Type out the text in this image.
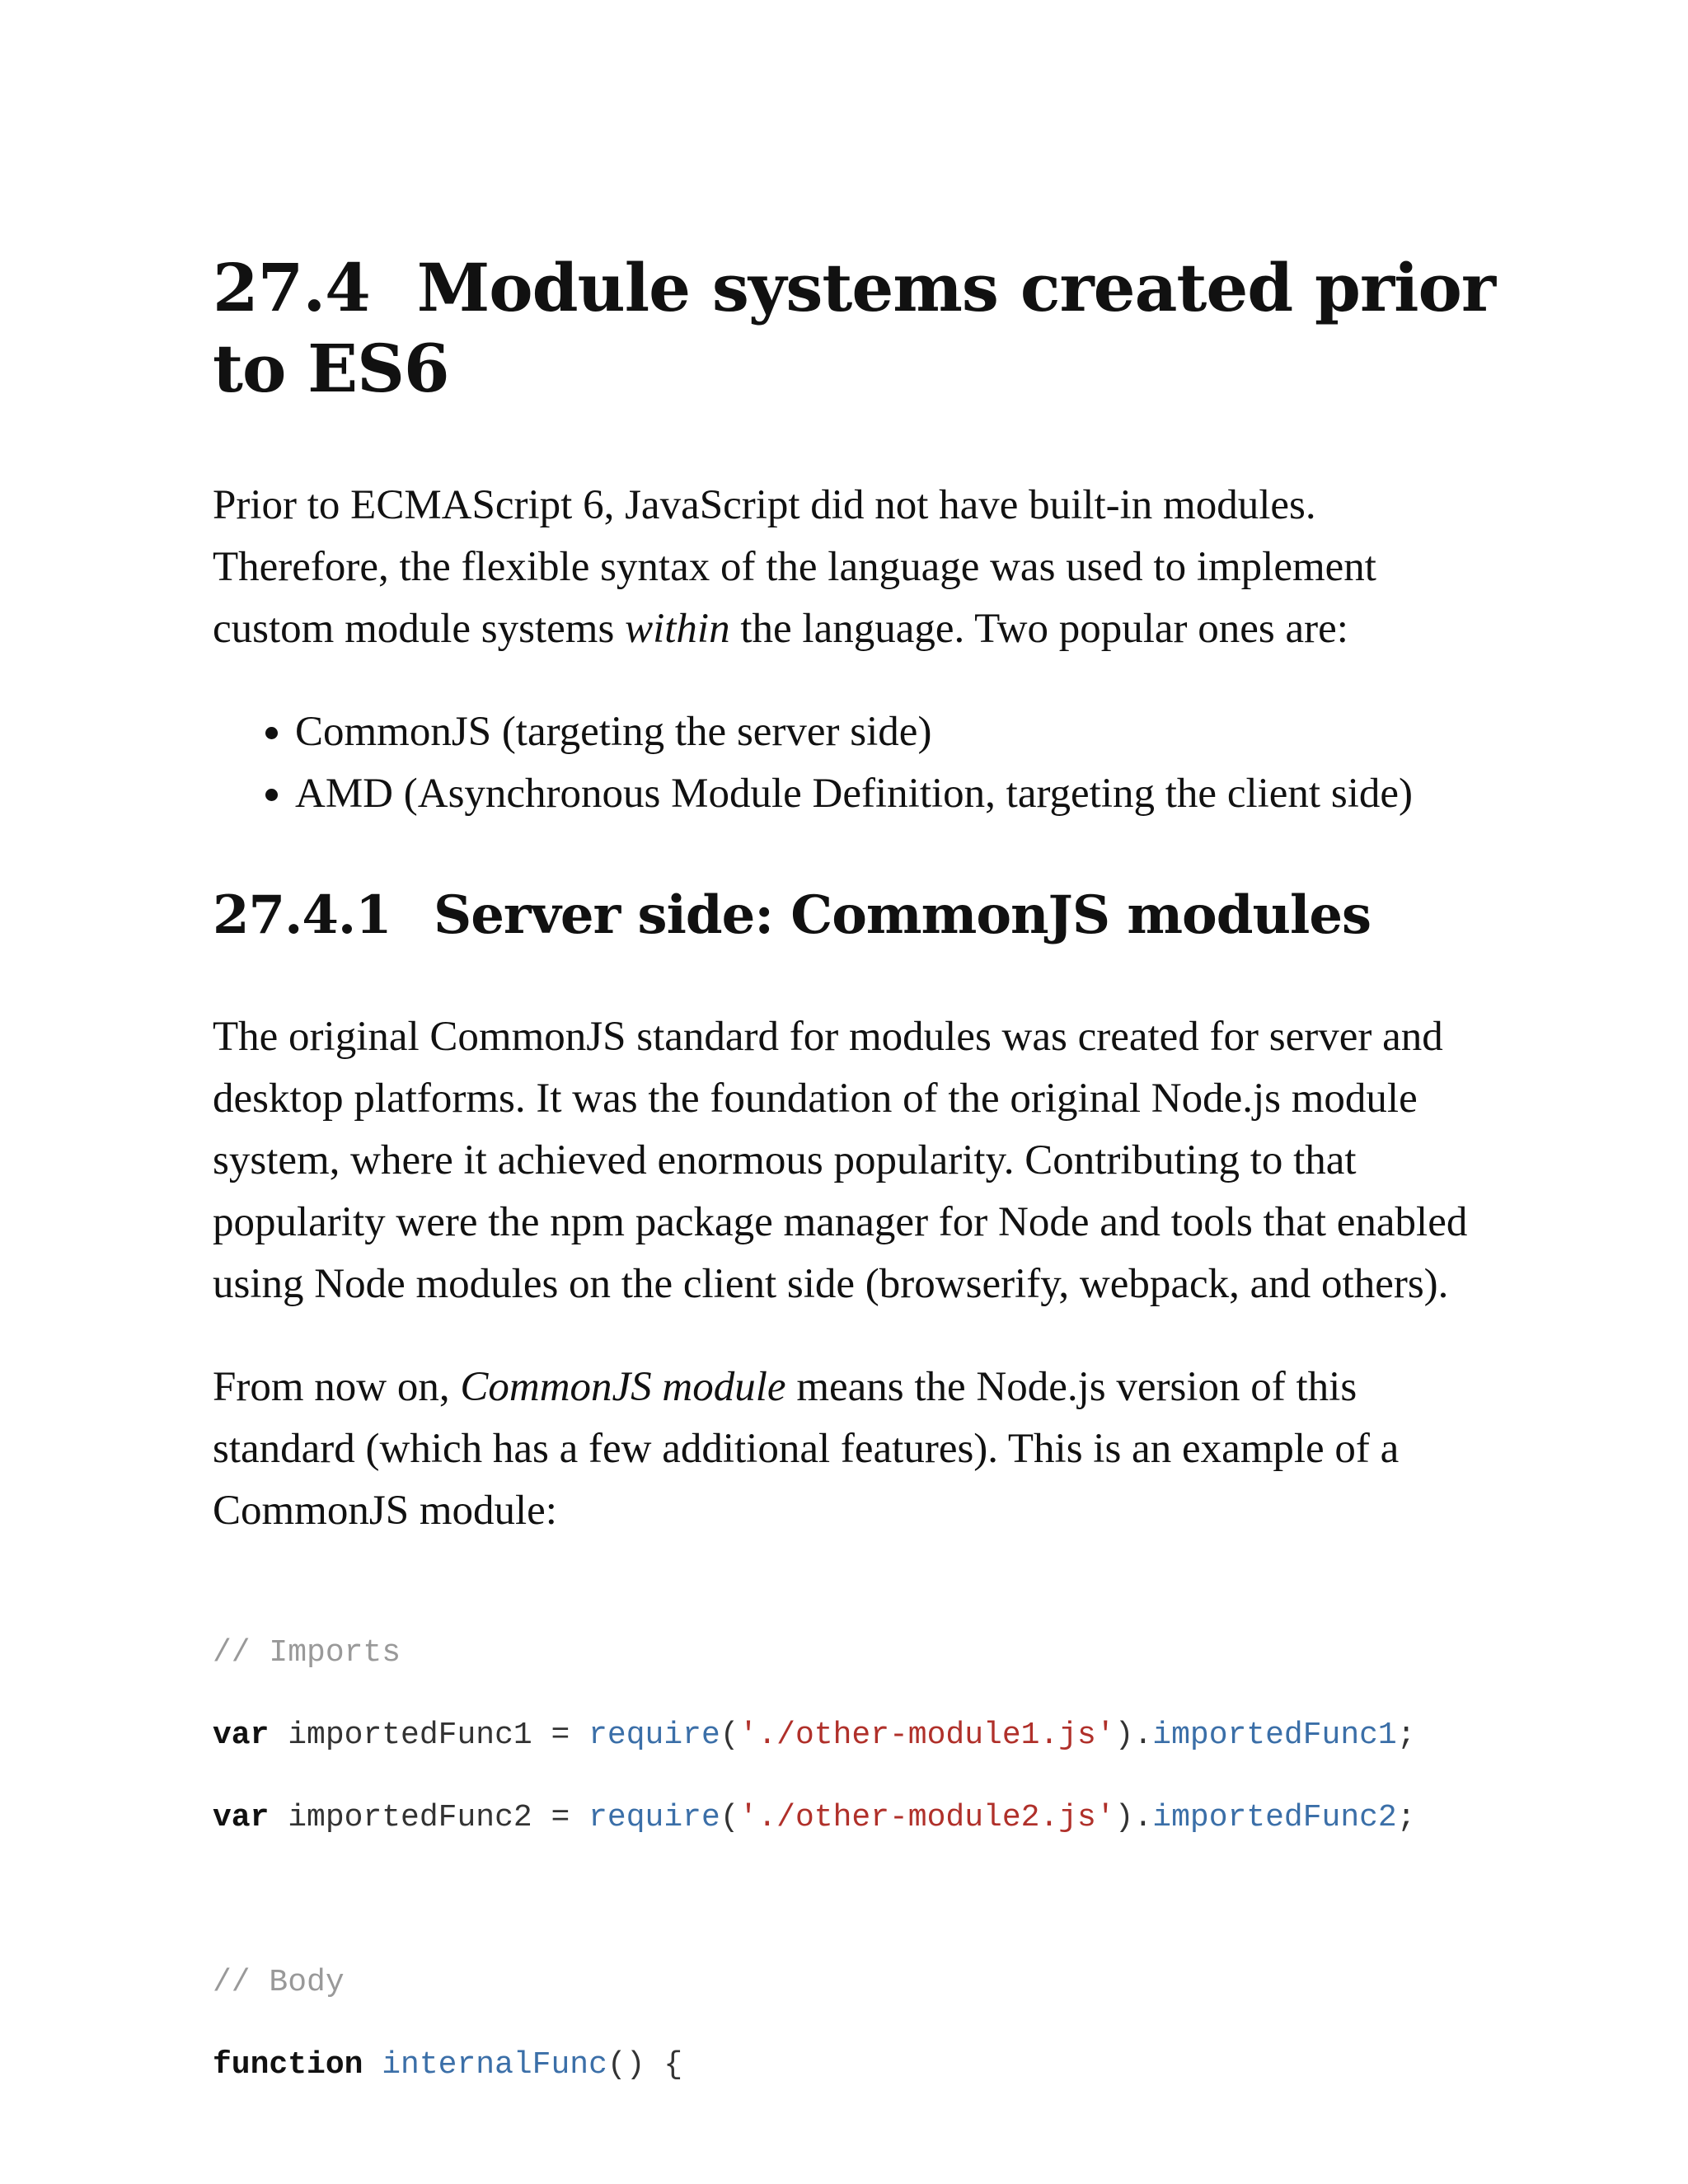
27.4 Module systems created prior
to ES6

Prior to ECMAScript 6, JavaScript did not have built-in modules. Therefore, the flexible syntax of the language was used to implement custom module systems within the language. Two popular ones are:

• CommonJS (targeting the server side)
• AMD (Asynchronous Module Definition, targeting the client side)
27.4.1 Server side: CommonJS modules

The original CommonJS standard for modules was created for server and desktop platforms. It was the foundation of the original Node.js module system, where it achieved enormous popularity. Contributing to that popularity were the npm package manager for Node and tools that enabled using Node modules on the client side (browserify, webpack, and others).

From now on, CommonJS module means the Node.js version of this standard (which has a few additional features). This is an example of a CommonJS module:

// Imports

var importedFunc1 = require('./other-module1.js').importedFunc1;

var importedFunc2 = require('./other-module2.js').importedFunc2;

// Body

function internalFunc() {
